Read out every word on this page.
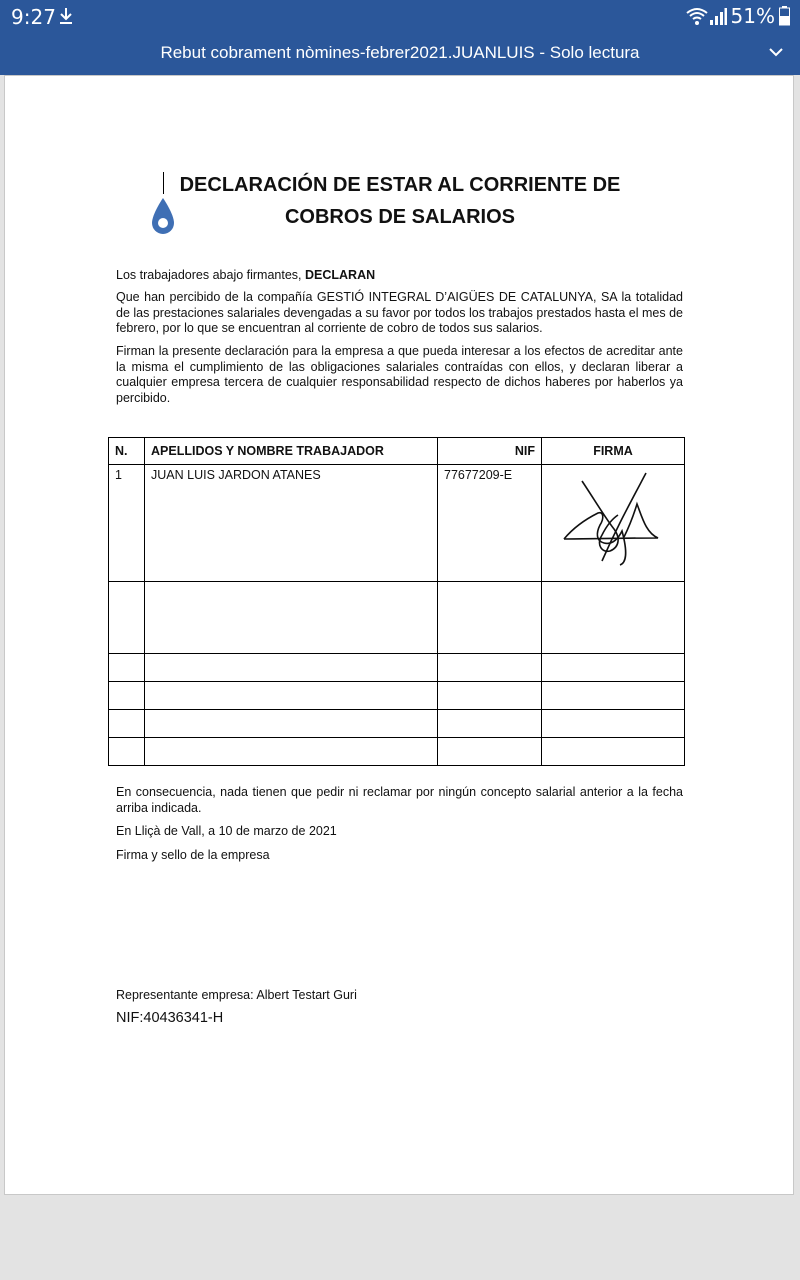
9:27	51%
Rebut cobrament nòmines-febrer2021.JUANLUIS - Solo lectura
DECLARACIÓN DE ESTAR AL CORRIENTE DE
COBROS DE SALARIOS
Los trabajadores abajo firmantes, DECLARAN
Que han percibido de la compañía GESTIÓ INTEGRAL D’AIGÜES DE CATALUNYA, SA la totalidad de las prestaciones salariales devengadas a su favor por todos los trabajos prestados hasta el mes de febrero, por lo que se encuentran al corriente de cobro de todos sus salarios.
Firman la presente declaración para la empresa a que pueda interesar a los efectos de acreditar ante la misma el cumplimiento de las obligaciones salariales contraídas con ellos, y declaran liberar a cualquier empresa tercera de cualquier responsabilidad respecto de dichos haberes por haberlos ya percibido.
N.	APELLIDOS Y NOMBRE TRABAJADOR	NIF	FIRMA
1	JUAN LUIS JARDON ATANES	77677209-E	

En consecuencia, nada tienen que pedir ni reclamar por ningún concepto salarial anterior a la fecha arriba indicada.
En Lliçà de Vall, a 10 de marzo de 2021
Firma y sello de la empresa
Representante empresa: Albert Testart Guri
NIF:40436341-H
